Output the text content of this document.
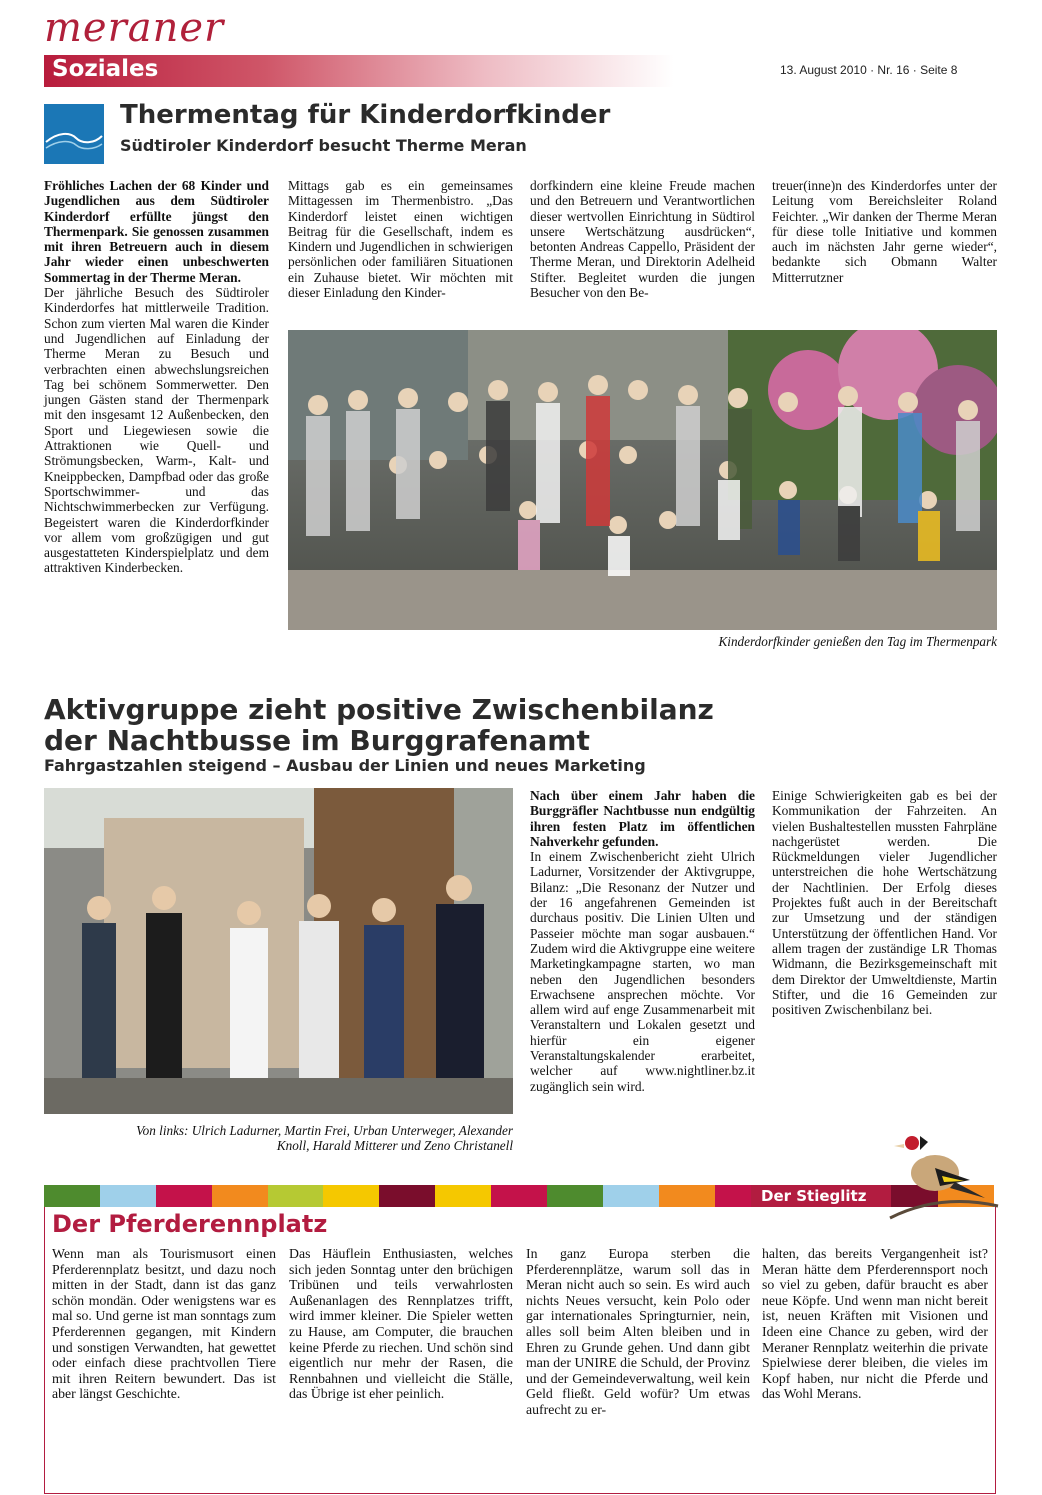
meraner
Soziales	13. August 2010 · Nr. 16 · Seite 8
Thermentag für Kinderdorfkinder
Südtiroler Kinderdorf besucht Therme Meran

Fröhliches Lachen der 68 Kinder und Jugendlichen aus dem Südtiroler Kinderdorf erfüllte jüngst den Thermenpark. Sie genossen zusammen mit ihren Betreuern auch in diesem Jahr wieder einen unbeschwerten Sommertag in der Therme Meran.

Der jährliche Besuch des Südtiroler Kinderdorfes hat mittlerweile Tradition. Schon zum vierten Mal waren die Kinder und Jugendlichen auf Einladung der Therme Meran zu Besuch und verbrachten einen abwechslungsreichen Tag bei schönem Sommerwetter. Den jungen Gästen stand der Thermenpark mit den insgesamt 12 Außenbecken, den Sport und Liegewiesen sowie die Attraktionen wie Quell- und Strömungsbecken, Warm-, Kalt- und Kneippbecken, Dampfbad oder das große Sportschwimmer- und das Nichtschwimmerbecken zur Verfügung. Begeistert waren die Kinderdorfkinder vor allem vom großzügigen und gut ausgestatteten Kinderspielplatz und dem attraktiven Kinderbecken.

Mittags gab es ein gemeinsames Mittagessen im Thermenbistro. „Das Kinderdorf leistet einen wichtigen Beitrag für die Gesellschaft, indem es Kindern und Jugendlichen in schwierigen persönlichen oder familiären Situationen ein Zuhause bietet. Wir möchten mit dieser Einladung den Kinder-

dorfkindern eine kleine Freude machen und den Betreuern und Verantwortlichen dieser wertvollen Einrichtung in Südtirol unsere Wertschätzung ausdrücken“, betonten Andreas Cappello, Präsident der Therme Meran, und Direktorin Adelheid Stifter. Begleitet wurden die jungen Besucher von den Be-

treuer(inne)n des Kinderdorfes unter der Leitung vom Bereichsleiter Roland Feichter. „Wir danken der Therme Meran für diese tolle Initiative und kommen auch im nächsten Jahr gerne wieder“, bedankte sich Obmann Walter Mitterrutzner

Kinderdorfkinder genießen den Tag im Thermenpark
Aktivgruppe zieht positive Zwischenbilanz
der Nachtbusse im Burggrafenamt
Fahrgastzahlen steigend – Ausbau der Linien und neues Marketing
Von links: Ulrich Ladurner, Martin Frei, Urban Unterweger, Alexander
Knoll, Harald Mitterer und Zeno Christanell

Nach über einem Jahr haben die Burggräfler Nachtbusse nun endgültig ihren festen Platz im öffentlichen Nahverkehr gefunden.

In einem Zwischenbericht zieht Ulrich Ladurner, Vorsitzender der Aktivgruppe, Bilanz: „Die Resonanz der Nutzer und der 16 angefahrenen Gemeinden ist durchaus positiv. Die Linien Ulten und Passeier möchte man sogar ausbauen.“ Zudem wird die Aktivgruppe eine weitere Marketingkampagne starten, wo man neben den Jugendlichen besonders Erwachsene ansprechen möchte. Vor allem wird auf enge Zusammenarbeit mit Veranstaltern und Lokalen gesetzt und hierfür ein eigener Veranstaltungskalender erarbeitet, welcher auf www.nightliner.bz.it zugänglich sein wird.

Einige Schwierigkeiten gab es bei der Kommunikation der Fahrzeiten. An vielen Bushaltestellen mussten Fahrpläne nachgerüstet werden. Die Rückmeldungen vieler Jugendlicher unterstreichen die hohe Wertschätzung der Nachtlinien. Der Erfolg dieses Projektes fußt auch in der Bereitschaft zur Umsetzung und der ständigen Unterstützung der öffentlichen Hand. Vor allem tragen der zuständige LR Thomas Widmann, die Bezirksgemeinschaft mit dem Direktor der Umweltdienste, Martin Stifter, und die 16 Gemeinden zur positiven Zwischenbilanz bei.

Der Stieglitz
Der Pferderennplatz

Wenn man als Tourismusort einen Pferderennplatz besitzt, und dazu noch mitten in der Stadt, dann ist das ganz schön mondän. Oder wenigstens war es mal so. Und gerne ist man sonntags zum Pferderennen gegangen, mit Kindern und sonstigen Verwandten, hat gewettet oder einfach diese prachtvollen Tiere mit ihren Reitern bewundert. Das ist aber längst Geschichte.

Das Häuflein Enthusiasten, welches sich jeden Sonntag unter den brüchigen Tribünen und teils verwahrlosten Außenanlagen des Rennplatzes trifft, wird immer kleiner. Die Spieler wetten zu Hause, am Computer, die brauchen keine Pferde zu riechen. Und schön sind eigentlich nur mehr der Rasen, die Rennbahnen und vielleicht die Ställe, das Übrige ist eher peinlich.

In ganz Europa sterben die Pferderennplätze, warum soll das in Meran nicht auch so sein. Es wird auch nichts Neues versucht, kein Polo oder gar internationales Springturnier, nein, alles soll beim Alten bleiben und in Ehren zu Grunde gehen. Und dann gibt man der UNIRE die Schuld, der Provinz und der Gemeindeverwaltung, weil kein Geld fließt. Geld wofür? Um etwas aufrecht zu er-

halten, das bereits Vergangenheit ist? Meran hätte dem Pferderennsport noch so viel zu geben, dafür braucht es aber neue Köpfe. Und wenn man nicht bereit ist, neuen Kräften mit Visionen und Ideen eine Chance zu geben, wird der Meraner Rennplatz weiterhin die private Spielwiese derer bleiben, die vieles im Kopf haben, nur nicht die Pferde und das Wohl Merans.
